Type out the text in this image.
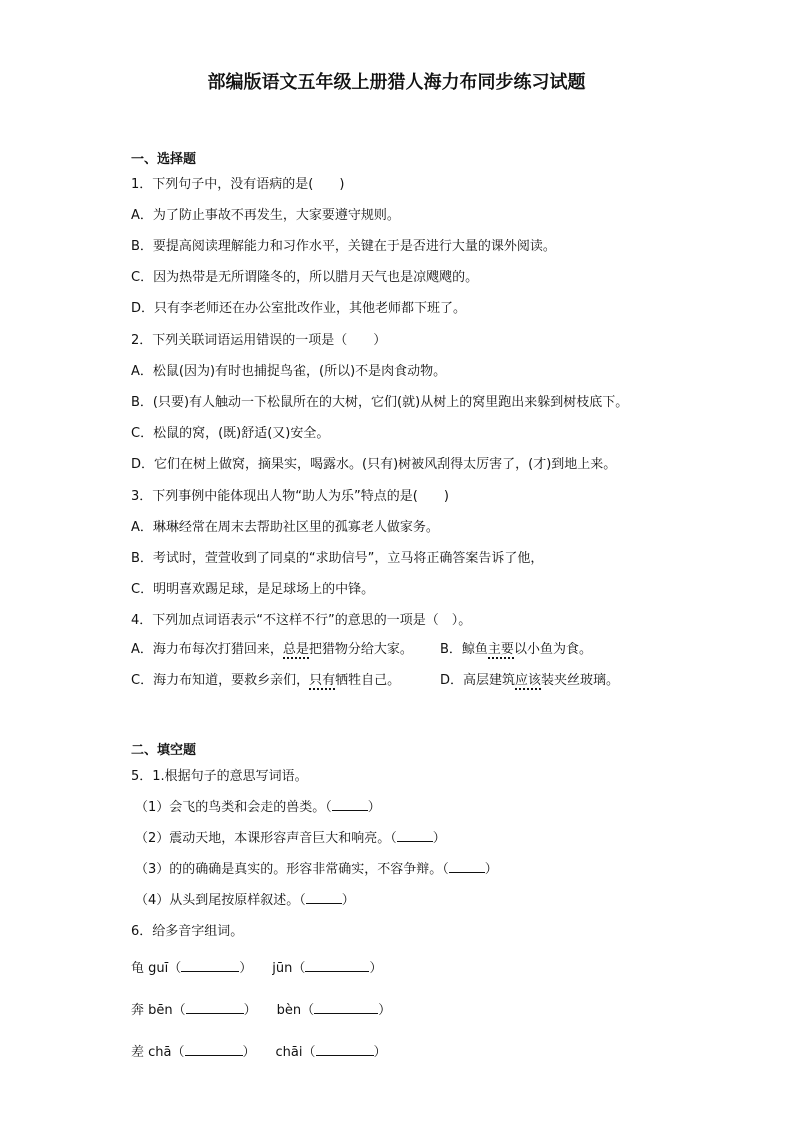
部编版语文五年级上册猎人海力布同步练习试题
一、选择题
1．下列句子中，没有语病的是(　　)
A．为了防止事故不再发生，大家要遵守规则。
B．要提高阅读理解能力和习作水平，关键在于是否进行大量的课外阅读。
C．因为热带是无所谓隆冬的，所以腊月天气也是凉飕飕的。
D．只有李老师还在办公室批改作业，其他老师都下班了。
2．下列关联词语运用错误的一项是（　　）
A．松鼠(因为)有时也捕捉鸟雀，(所以)不是肉食动物。
B．(只要)有人触动一下松鼠所在的大树，它们(就)从树上的窝里跑出来躲到树枝底下。
C．松鼠的窝，(既)舒适(又)安全。
D．它们在树上做窝，摘果实，喝露水。(只有)树被风刮得太厉害了，(才)到地上来。
3．下列事例中能体现出人物“助人为乐”特点的是(　　)
A．琳琳经常在周末去帮助社区里的孤寡老人做家务。
B．考试时，萱萱收到了同桌的“求助信号”，立马将正确答案告诉了他，
C．明明喜欢踢足球，是足球场上的中锋。
4．下列加点词语表示“不这样不行”的意思的一项是（　）。
A．海力布每次打猎回来，总是把猎物分给大家。 B．鲸鱼主要以小鱼为食。
C．海力布知道，要救乡亲们，只有牺牲自己。	D．高层建筑应该装夹丝玻璃。
二、填空题
5．1.根据句子的意思写词语。
（1）会飞的鸟类和会走的兽类。（	）
（2）震动天地，本课形容声音巨大和响亮。（	）
（3）的的确确是真实的。形容非常确实，不容争辩。（	）
（4）从头到尾按原样叙述。（	）
6．给多音字组词。
龟 guī（	） jūn（	）
奔 bēn（	） bèn（	）
差 chā（	） chāi（	）
